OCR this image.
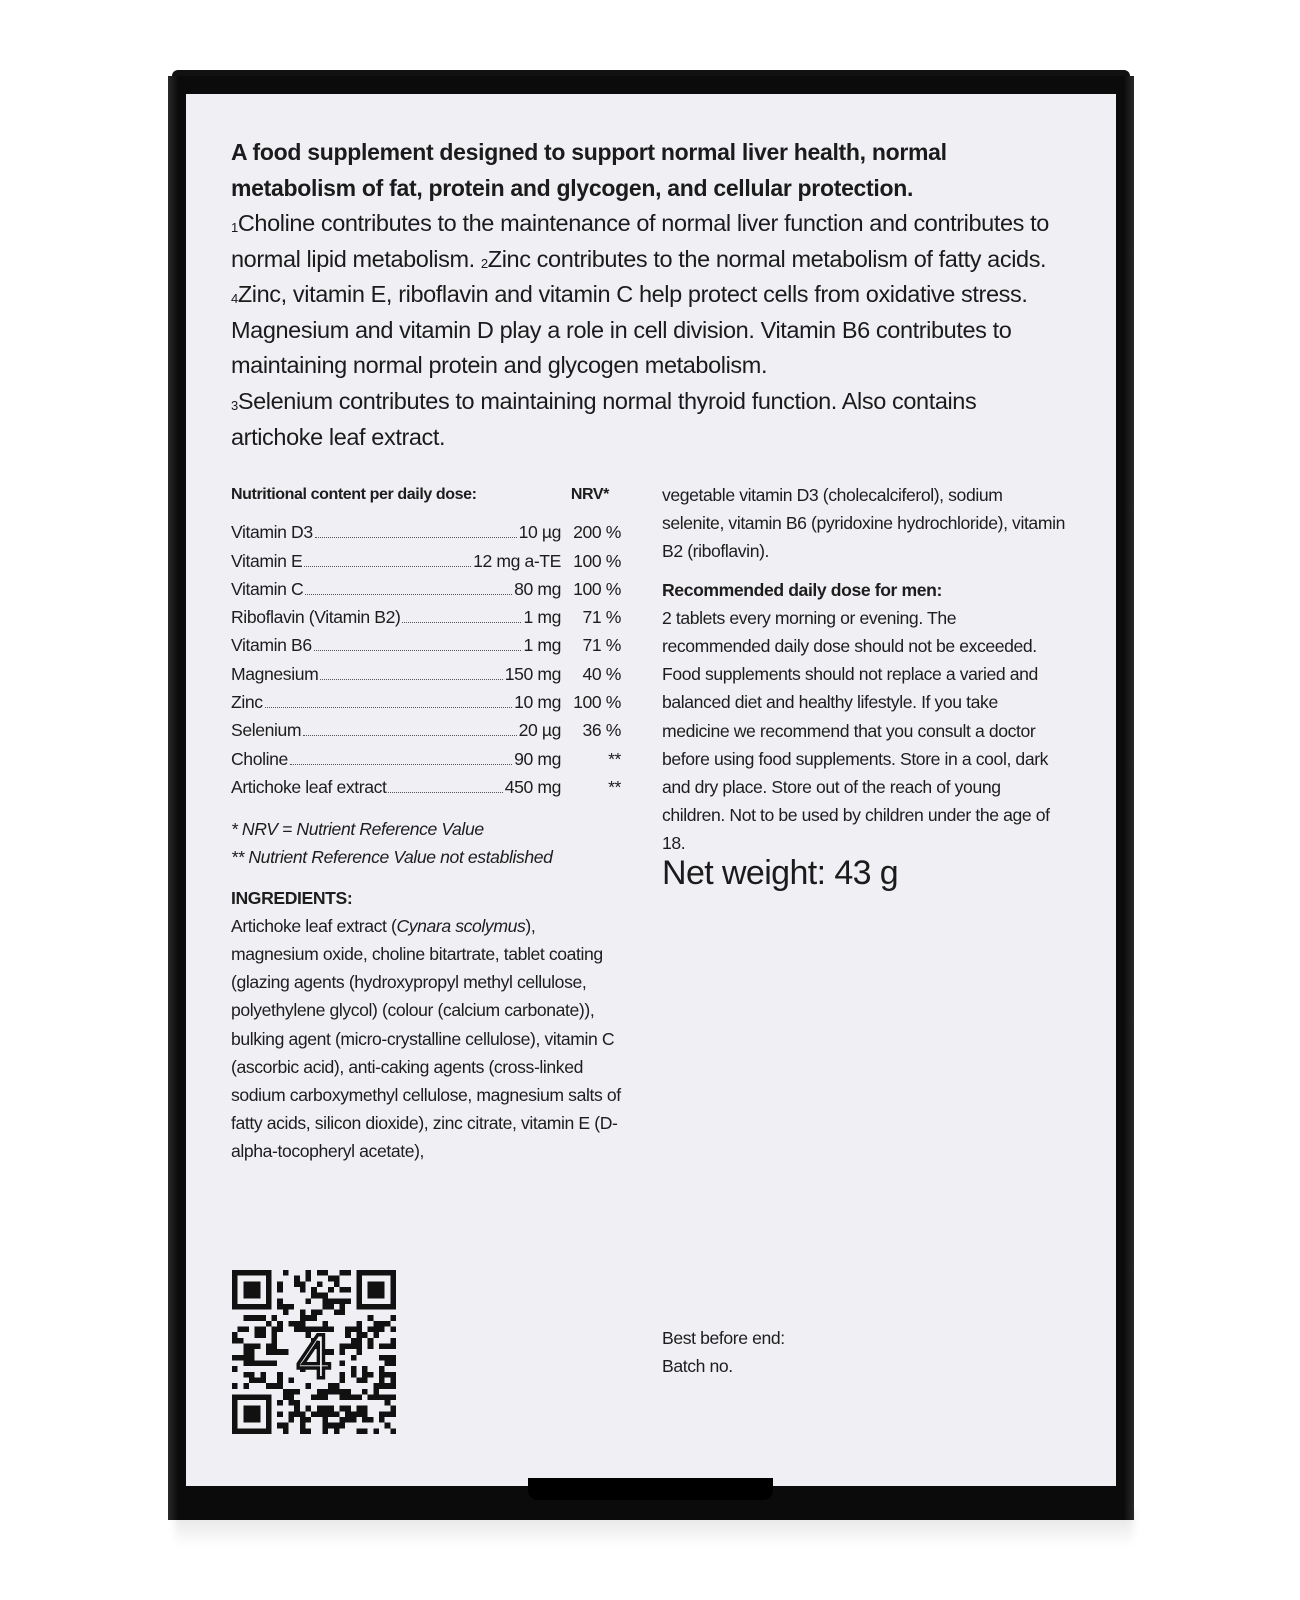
A food supplement designed to support normal liver health, normal
metabolism of fat, protein and glycogen, and cellular protection.
$^1$Choline contributes to the maintenance of normal liver function and contributes to normal lipid metabolism. $^2$Zinc contributes to the normal metabolism of fatty acids. $^4$Zinc, vitamin E, riboflavin and vitamin C help protect cells from oxidative stress. Magnesium and vitamin D play a role in cell division. Vitamin B6 contributes to maintaining normal protein and glycogen metabolism.
$^3$Selenium contributes to maintaining normal thyroid function. Also contains artichoke leaf extract.
Nutritional content per daily dose:	NRV*
Vitamin D3	10 µg 200 %
Vitamin E	12 mg a-TE 100 %
Vitamin C	80 mg 100 %
Riboflavin (Vitamin B2)	1 mg	71 %
Vitamin B6	1 mg	71 %
Magnesium	150 mg	40 %
Zinc	10 mg 100 %
Selenium	20 µg	36 %
Choline	90 mg	**
Artichoke leaf extract	450 mg	**
* NRV = Nutrient Reference Value
** Nutrient Reference Value not established
INGREDIENTS:
Artichoke leaf extract (Cynara scolymus), magnesium oxide, choline bitartrate, tablet coating (glazing agents (hydroxypropyl methyl cellulose, polyethylene glycol) (colour (calcium carbonate)), bulking agent (micro-crystalline cellulose), vitamin C (ascorbic acid), anti-caking agents (cross-linked sodium carboxymethyl cellulose, magnesium salts of fatty acids, silicon dioxide), zinc citrate, vitamin E (D-alpha-tocopheryl acetate),
vegetable vitamin D3 (cholecalciferol), sodium selenite, vitamin B6 (pyridoxine hydrochloride), vitamin B2 (riboflavin).
Recommended daily dose for men:
2 tablets every morning or evening. The recommended daily dose should not be exceeded. Food supplements should not replace a varied and balanced diet and healthy lifestyle. If you take medicine we recommend that you consult a doctor before using food supplements. Store in a cool, dark and dry place. Store out of the reach of young children. Not to be used by children under the age of 18.
Net weight: 43 g
4	Best before end:
Batch no.
